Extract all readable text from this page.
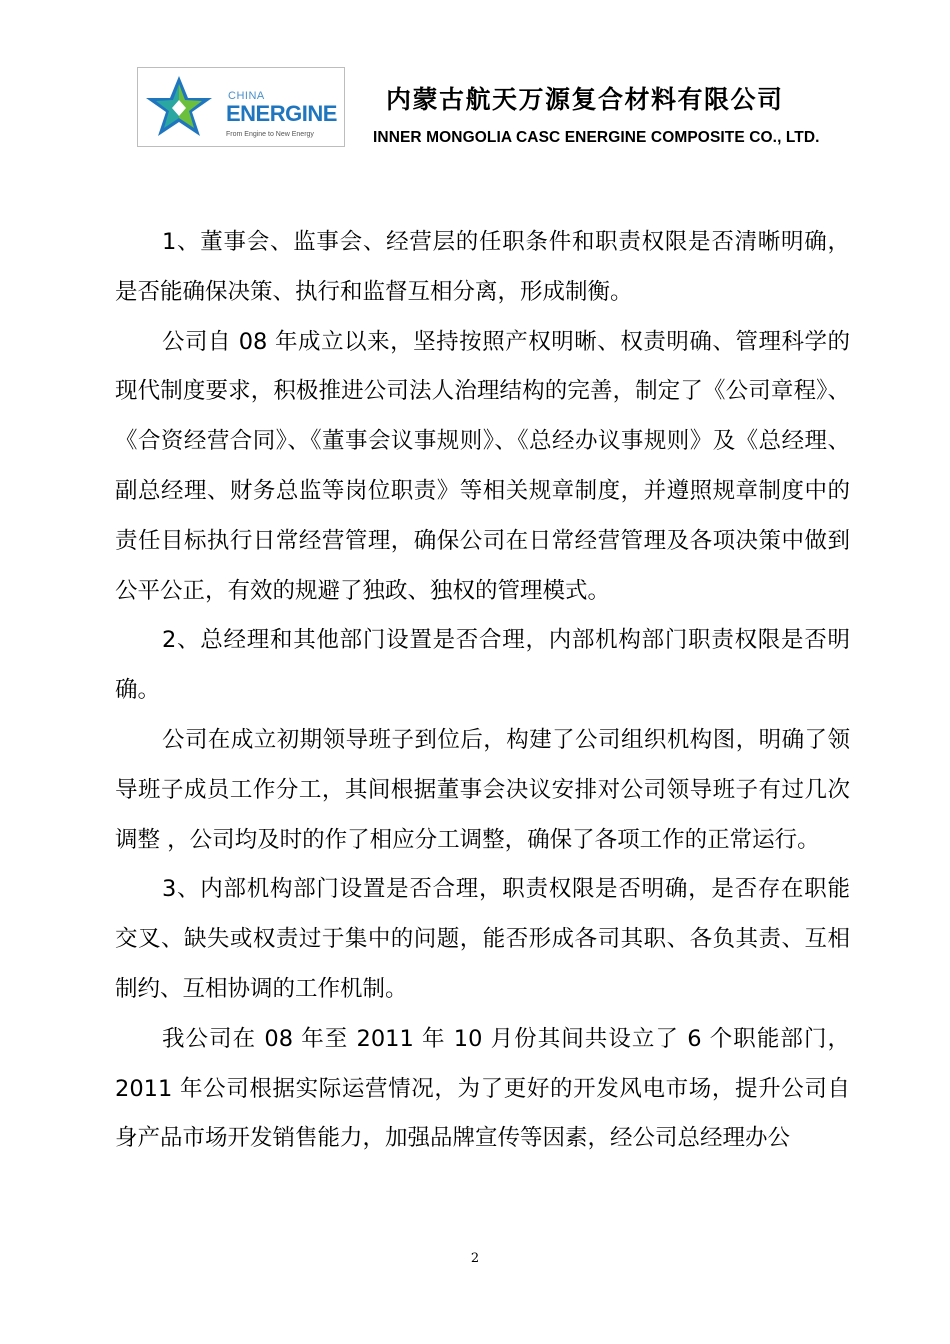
CHINA
ENERGINE
From Engine to New Energy
内蒙古航天万源复合材料有限公司
INNER MONGOLIA CASC ENERGINE COMPOSITE CO., LTD.

1、董事会、监事会、经营层的任职条件和职责权限是否清晰明确，是否能确保决策、执行和监督互相分离，形成制衡。

公司自 08 年成立以来，坚持按照产权明晰、权责明确、管理科学的现代制度要求，积极推进公司法人治理结构的完善，制定了《公司章程》、《合资经营合同》、《董事会议事规则》、《总经办议事规则》及《总经理、副总经理、财务总监等岗位职责》等相关规章制度，并遵照规章制度中的责任目标执行日常经营管理，确保公司在日常经营管理及各项决策中做到公平公正，有效的规避了独政、独权的管理模式。

2、总经理和其他部门设置是否合理，内部机构部门职责权限是否明确。

公司在成立初期领导班子到位后，构建了公司组织机构图，明确了领导班子成员工作分工，其间根据董事会决议安排对公司领导班子有过几次调整 ，公司均及时的作了相应分工调整，确保了各项工作的正常运行。

3、内部机构部门设置是否合理，职责权限是否明确，是否存在职能交叉、缺失或权责过于集中的问题，能否形成各司其职、各负其责、互相制约、互相协调的工作机制。

我公司在 08 年至 2011 年 10 月份其间共设立了 6 个职能部门，2011 年公司根据实际运营情况，为了更好的开发风电市场，提升公司自身产品市场开发销售能力，加强品牌宣传等因素，经公司总经理办公

2
